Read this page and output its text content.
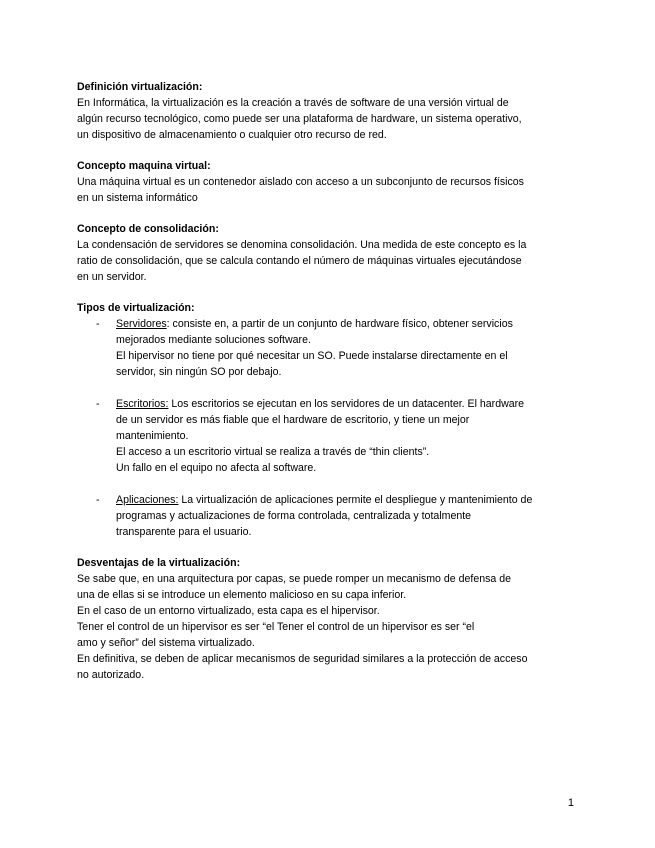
Definición virtualización:
En Informática, la virtualización es la creación a través de software de una versión virtual de
algún recurso tecnológico, como puede ser una plataforma de hardware, un sistema operativo,
un dispositivo de almacenamiento o cualquier otro recurso de red.
Concepto maquina virtual:
Una máquina virtual es un contenedor aislado con acceso a un subconjunto de recursos físicos
en un sistema informático
Concepto de consolidación:
La condensación de servidores se denomina consolidación. Una medida de este concepto es la
ratio de consolidación, que se calcula contando el número de máquinas virtuales ejecutándose
en un servidor.
Tipos de virtualización:
- Servidores: consiste en, a partir de un conjunto de hardware físico, obtener servicios
mejorados mediante soluciones software.
El hipervisor no tiene por qué necesitar un SO. Puede instalarse directamente en el
servidor, sin ningún SO por debajo.
- Escritorios: Los escritorios se ejecutan en los servidores de un datacenter. El hardware
de un servidor es más fiable que el hardware de escritorio, y tiene un mejor
mantenimiento.
El acceso a un escritorio virtual se realiza a través de “thin clients”.
Un fallo en el equipo no afecta al software.
- Aplicaciones: La virtualización de aplicaciones permite el despliegue y mantenimiento de
programas y actualizaciones de forma controlada, centralizada y totalmente
transparente para el usuario.
Desventajas de la virtualización:
Se sabe que, en una arquitectura por capas, se puede romper un mecanismo de defensa de
una de ellas si se introduce un elemento malicioso en su capa inferior.
En el caso de un entorno virtualizado, esta capa es el hipervisor.
Tener el control de un hipervisor es ser “el Tener el control de un hipervisor es ser “el
amo y señor” del sistema virtualizado.
En definitiva, se deben de aplicar mecanismos de seguridad similares a la protección de acceso
no autorizado.
1
